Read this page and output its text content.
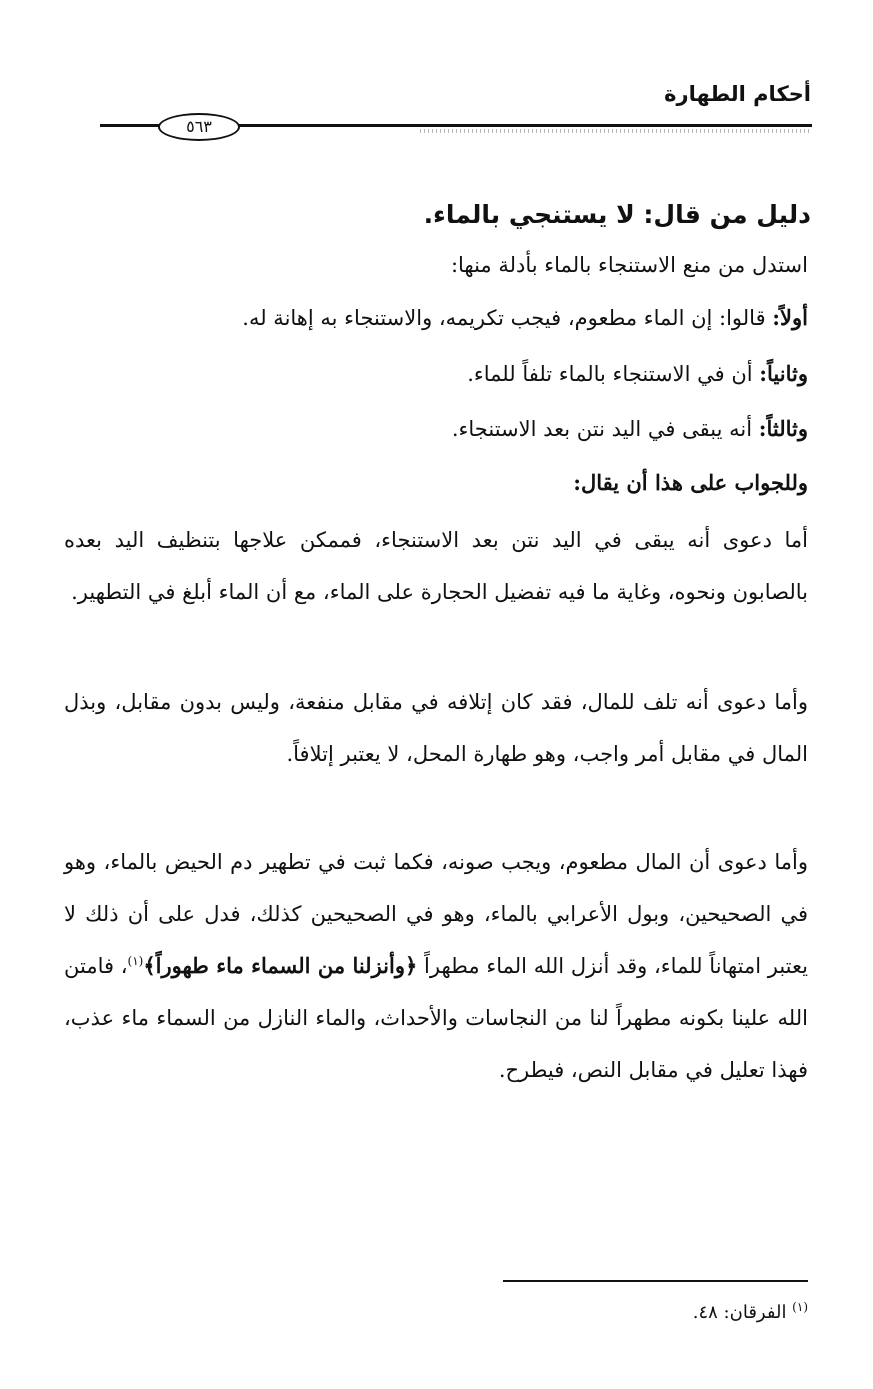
أحكام الطهارة
٥٦٣
دليل من قال: لا يستنجي بالماء.

استدل من منع الاستنجاء بالماء بأدلة منها:

أولاً: قالوا: إن الماء مطعوم، فيجب تكريمه، والاستنجاء به إهانة له.

وثانياً: أن في الاستنجاء بالماء تلفاً للماء.

وثالثاً: أنه يبقى في اليد نتن بعد الاستنجاء.

وللجواب على هذا أن يقال:

أما دعوى أنه يبقى في اليد نتن بعد الاستنجاء، فممكن علاجها بتنظيف اليد بعده بالصابون ونحوه، وغاية ما فيه تفضيل الحجارة على الماء، مع أن الماء أبلغ في التطهير.

وأما دعوى أنه تلف للمال، فقد كان إتلافه في مقابل منفعة، وليس بدون مقابل، وبذل المال في مقابل أمر واجب، وهو طهارة المحل، لا يعتبر إتلافاً.

وأما دعوى أن المال مطعوم، ويجب صونه، فكما ثبت في تطهير دم الحيض بالماء، وهو في الصحيحين، وبول الأعرابي بالماء، وهو في الصحيحين كذلك، فدل على أن ذلك لا يعتبر امتهاناً للماء، وقد أنزل الله الماء مطهراً ﴿وأنزلنا من السماء ماء طهوراً﴾$^{(١)}$، فامتن الله علينا بكونه مطهراً لنا من النجاسات والأحداث، والماء النازل من السماء ماء عذب، فهذا تعليل في مقابل النص، فيطرح.

$^{(١)}$ الفرقان: ٤٨.
